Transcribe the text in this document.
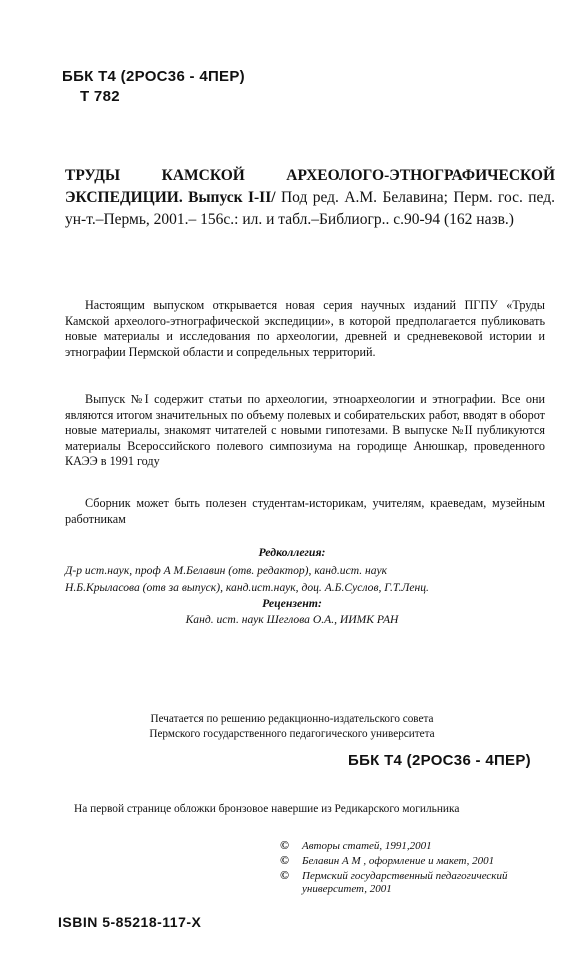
ББК Т4 (2РОС36 - 4ПЕР)
Т 782
ТРУДЫ КАМСКОЙ АРХЕОЛОГО-ЭТНОГРАФИЧЕСКОЙ ЭКСПЕДИЦИИ. Выпуск I-II/ Под ред. А.М. Белавина; Перм. гос. пед. ун-т.–Пермь, 2001.– 156с.: ил. и табл.–Библиогр.. с.90-94 (162 назв.)
Настоящим выпуском открывается новая серия научных изданий ПГПУ «Труды Камской археолого-этнографической экспедиции», в которой предполагается публиковать новые материалы и исследования по археологии, древней и средневековой истории и этнографии Пермской области и сопредельных территорий.
Выпуск №I содержит статьи по археологии, этноархеологии и этнографии. Все они являются итогом значительных по объему полевых и собирательских работ, вводят в оборот новые материалы, знакомят читателей с новыми гипотезами. В выпуске №II публикуются материалы Всероссийского полевого симпозиума на городище Анюшкар, проведенного КАЭЭ в 1991 году
Сборник может быть полезен студентам-историкам, учителям, краеведам, музейным работникам
Редколлегия:
Д-р ист.наук, проф А М.Белавин (отв. редактор), канд.ист. наук
Н.Б.Крыласова (отв за выпуск), канд.ист.наук, доц. А.Б.Суслов, Г.Т.Ленц.
Рецензент:
Канд. ист. наук Шеглова О.А., ИИМК РАН
Печатается по решению редакционно-издательского совета
Пермского государственного педагогического университета
ББК Т4 (2РОС36 - 4ПЕР)
На первой странице обложки бронзовое навершие из Редикарского могильника
© Авторы статей, 1991,2001
© Белавин А М , оформление и макет, 2001
© Пермский государственный педагогический
университет, 2001
ISBIN 5-85218-117-X
